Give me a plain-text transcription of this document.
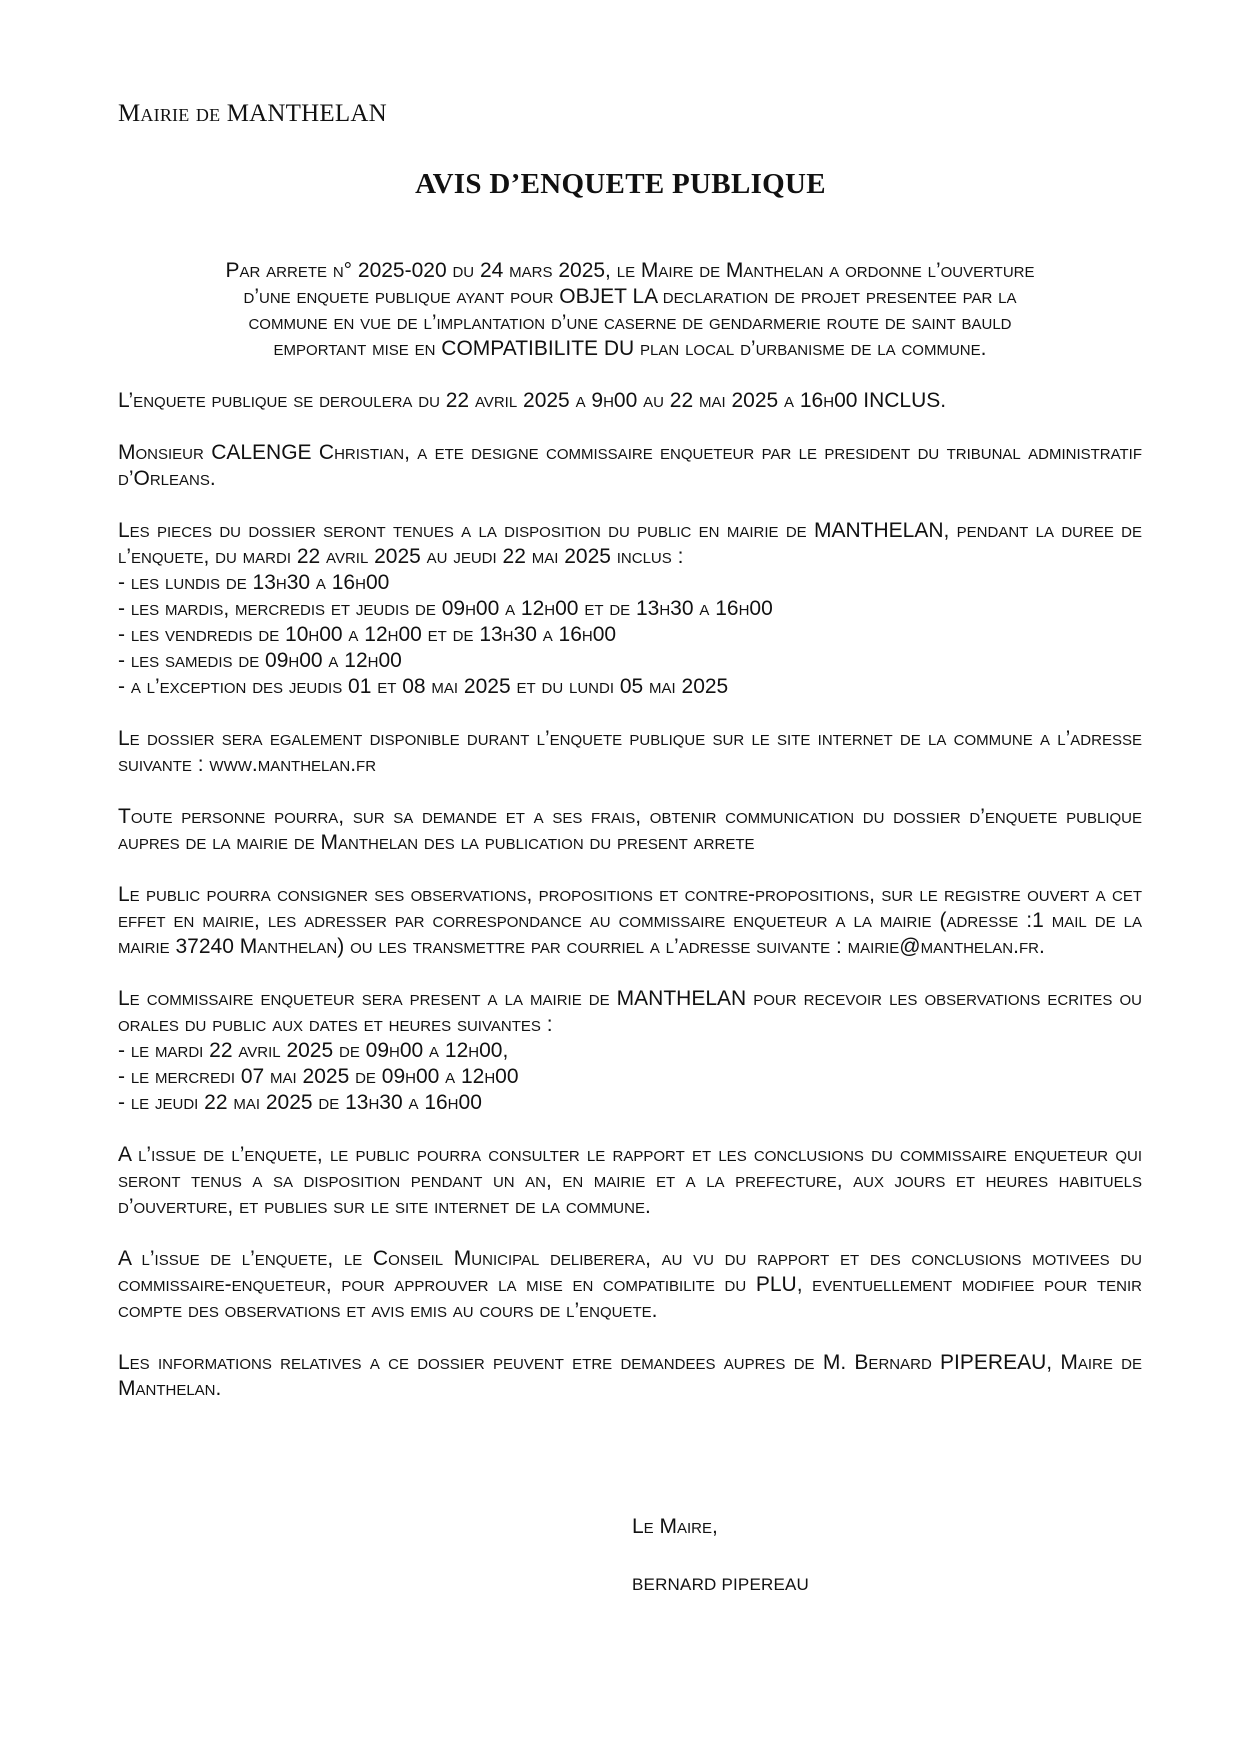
Mairie de MANTHELAN
AVIS D’ENQUETE PUBLIQUE
Par arrete n° 2025-020 du 24 mars 2025, le Maire de Manthelan a ordonne l’ouverture
d’une enquete publique ayant pour OBJET LA declaration de projet presentee par la
commune en vue de l’implantation d’une caserne de gendarmerie route de saint bauld
emportant mise en COMPATIBILITE DU plan local d’urbanisme de la commune.

L’enquete publique se deroulera du 22 avril 2025 a 9h00 au 22 mai 2025 a 16h00 INCLUS.

Monsieur CALENGE Christian, a ete designe commissaire enqueteur par le president du tribunal administratif d’Orleans.

Les pieces du dossier seront tenues a la disposition du public en mairie de MANTHELAN, pendant la duree de l’enquete, du mardi 22 avril 2025 au jeudi 22 mai 2025 inclus :

- les lundis de 13h30 a 16h00

- les mardis, mercredis et jeudis de 09h00 a 12h00 et de 13h30 a 16h00

- les vendredis de 10h00 a 12h00 et de 13h30 a 16h00

- les samedis de 09h00 a 12h00

- a l’exception des jeudis 01 et 08 mai 2025 et du lundi 05 mai 2025

Le dossier sera egalement disponible durant l’enquete publique sur le site internet de la commune a l’adresse suivante : www.manthelan.fr

Toute personne pourra, sur sa demande et a ses frais, obtenir communication du dossier d’enquete publique aupres de la mairie de Manthelan des la publication du present arrete

Le public pourra consigner ses observations, propositions et contre-propositions, sur le registre ouvert a cet effet en mairie, les adresser par correspondance au commissaire enqueteur a la mairie (adresse :1 mail de la mairie 37240 Manthelan) ou les transmettre par courriel a l’adresse suivante : mairie@manthelan.fr.

Le commissaire enqueteur sera present a la mairie de MANTHELAN pour recevoir les observations ecrites ou orales du public aux dates et heures suivantes :

- le mardi 22 avril 2025 de 09h00 a 12h00,

- le mercredi 07 mai 2025 de 09h00 a 12h00

- le jeudi 22 mai 2025 de 13h30 a 16h00

A l’issue de l’enquete, le public pourra consulter le rapport et les conclusions du commissaire enqueteur qui seront tenus a sa disposition pendant un an, en mairie et a la prefecture, aux jours et heures habituels d’ouverture, et publies sur le site internet de la commune.

A l’issue de l’enquete, le Conseil Municipal deliberera, au vu du rapport et des conclusions motivees du commissaire-enqueteur, pour approuver la mise en compatibilite du PLU, eventuellement modifiee pour tenir compte des observations et avis emis au cours de l’enquete.

Les informations relatives a ce dossier peuvent etre demandees aupres de M. Bernard PIPEREAU, Maire de Manthelan.

Le Maire,

BERNARD PIPEREAU
